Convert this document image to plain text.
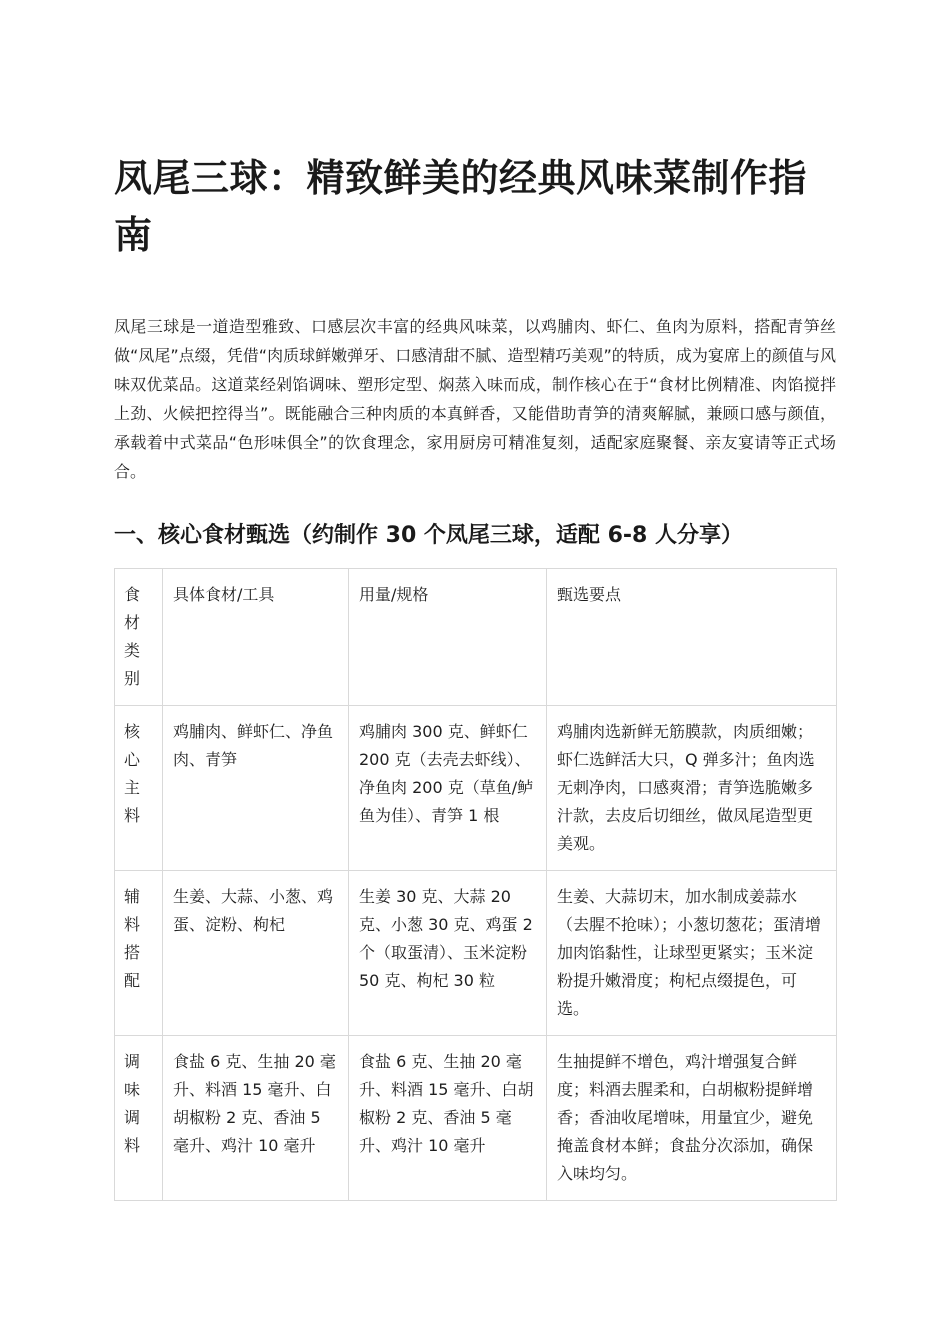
凤尾三球：精致鲜美的经典风味菜制作指南

凤尾三球是一道造型雅致、口感层次丰富的经典风味菜，以鸡脯肉、虾仁、鱼肉为原料，搭配青笋丝做“凤尾”点缀，凭借“肉质球鲜嫩弹牙、口感清甜不腻、造型精巧美观”的特质，成为宴席上的颜值与风味双优菜品。这道菜经剁馅调味、塑形定型、焖蒸入味而成，制作核心在于“食材比例精准、肉馅搅拌上劲、火候把控得当”。既能融合三种肉质的本真鲜香，又能借助青笋的清爽解腻，兼顾口感与颜值，承载着中式菜品“色形味俱全”的饮食理念，家用厨房可精准复刻，适配家庭聚餐、亲友宴请等正式场合。

一、核心食材甄选（约制作 30 个凤尾三球，适配 6-8 人分享）
食材类别	具体食材/工具	用量/规格	甄选要点
核心主料	鸡脯肉、鲜虾仁、净鱼肉、青笋	鸡脯肉 300 克、鲜虾仁 200 克（去壳去虾线）、净鱼肉 200 克（草鱼/鲈鱼为佳）、青笋 1 根	鸡脯肉选新鲜无筋膜款，肉质细嫩；虾仁选鲜活大只，Q 弹多汁；鱼肉选无刺净肉，口感爽滑；青笋选脆嫩多汁款，去皮后切细丝，做凤尾造型更美观。
辅料搭配	生姜、大蒜、小葱、鸡蛋、淀粉、枸杞	生姜 30 克、大蒜 20 克、小葱 30 克、鸡蛋 2 个（取蛋清）、玉米淀粉 50 克、枸杞 30 粒	生姜、大蒜切末，加水制成姜蒜水（去腥不抢味）；小葱切葱花；蛋清增加肉馅黏性，让球型更紧实；玉米淀粉提升嫩滑度；枸杞点缀提色，可选。
调味调料	食盐 6 克、生抽 20 毫升、料酒 15 毫升、白胡椒粉 2 克、香油 5 毫升、鸡汁 10 毫升	食盐 6 克、生抽 20 毫升、料酒 15 毫升、白胡椒粉 2 克、香油 5 毫升、鸡汁 10 毫升	生抽提鲜不增色，鸡汁增强复合鲜度；料酒去腥柔和，白胡椒粉提鲜增香；香油收尾增味，用量宜少，避免掩盖食材本鲜；食盐分次添加，确保入味均匀。
